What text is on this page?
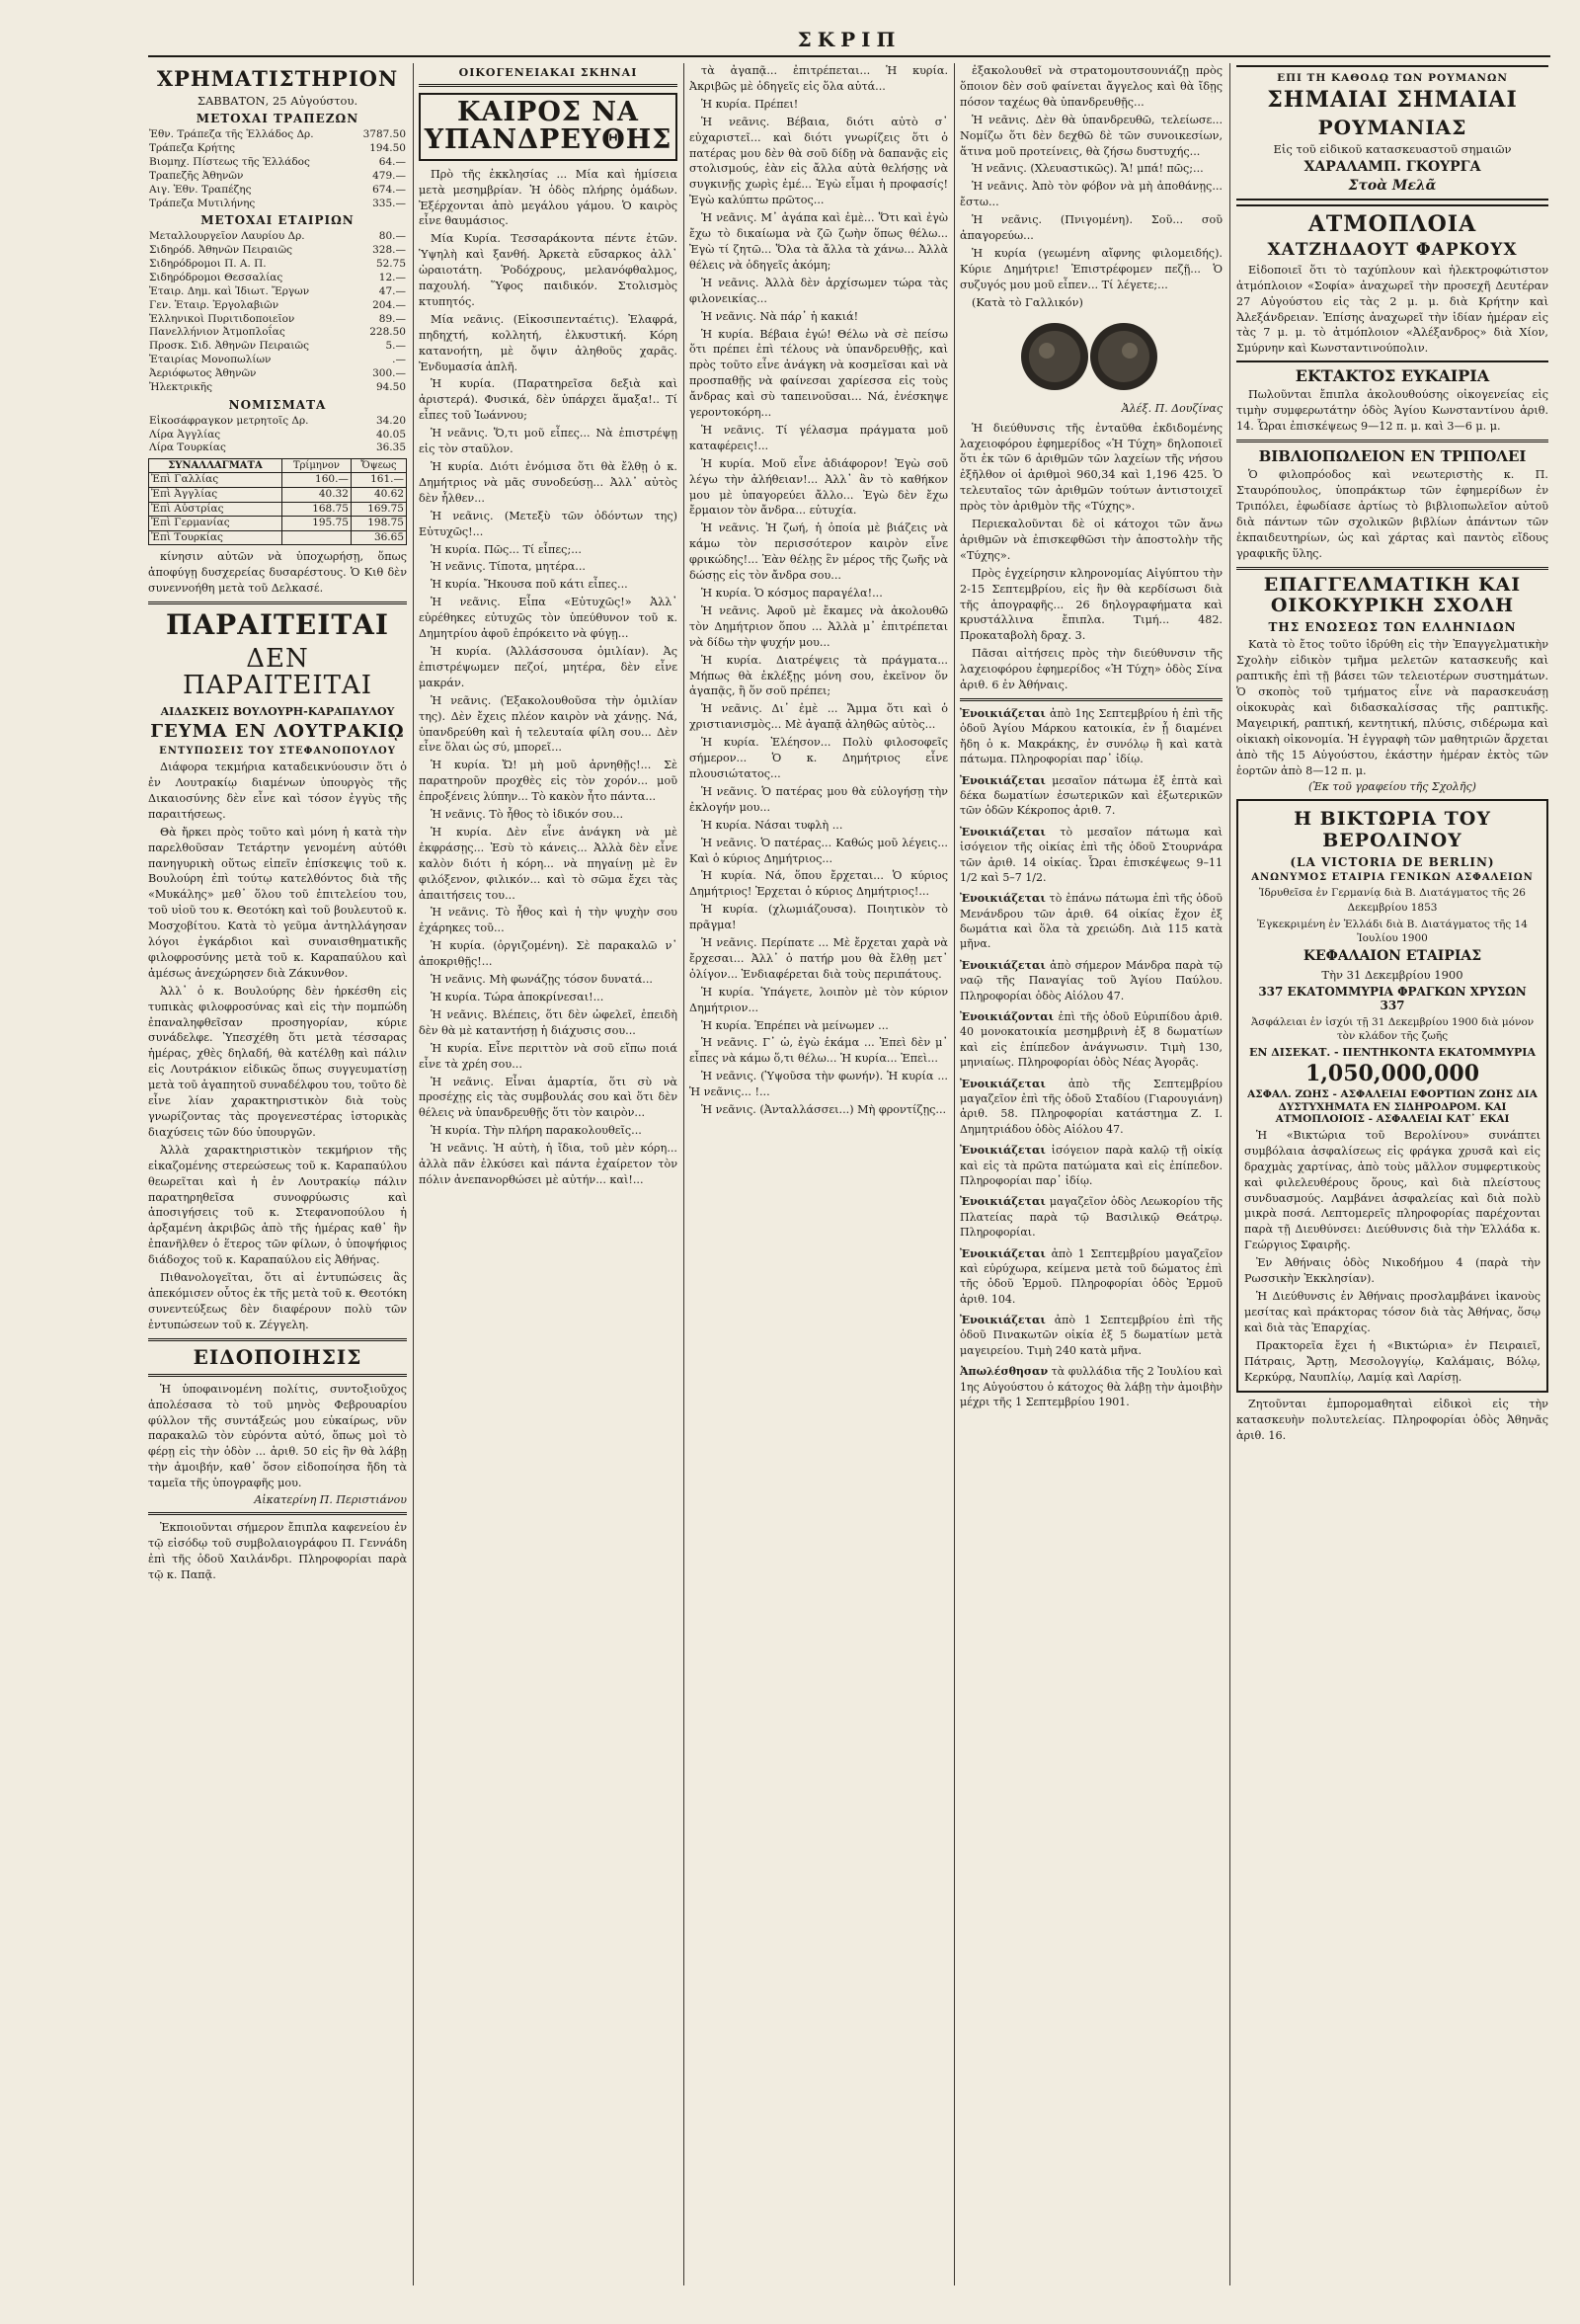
ΣΚΡΙΠ
ΧΡΗΜΑΤΙΣΤΗΡΙΟΝ
ΣΑΒΒΑΤΟΝ, 25 Αὐγούστου.
ΜΕΤΟΧΑΙ ΤΡΑΠΕΖΩΝ
Ἐθν. Τράπεζα τῆς Ἑλλάδος Δρ.	3787.50
Τράπεζα Κρήτης	194.50
Βιομηχ. Πίστεως τῆς Ἑλλάδος	64.—
Τραπεζῆς Ἀθηνῶν	479.—
Αιγ. Ἐθν. Τραπέζης	674.—
Τράπεζα Μυτιλήνης	335.—
ΜΕΤΟΧΑΙ ΕΤΑΙΡΙΩΝ
Μεταλλουργεῖον Λαυρίου Δρ.	80.—
Σιδηρόδ. Ἀθηνῶν Πειραιῶς	328.—
Σιδηρόδρομοι Π. Α. Π.	52.75
Σιδηρόδρομοι Θεσσαλίας	12.—
Ἑταιρ. Δημ. καὶ Ἰδιωτ. Ἔργων	47.—
Γεν. Ἑταιρ. Ἐργολαβιῶν	204.—
Ἑλληνικοὶ Πυριτιδοποιεῖον	89.—
Πανελλήνιον Ἀτμοπλοΐας	228.50
Προσκ. Σιδ. Ἀθηνῶν Πειραιῶς	5.—
Ἑταιρίας Μονοπωλίων	.—
Ἀεριόφωτος Ἀθηνῶν	300.—
Ἠλεκτρικῆς	94.50
ΝΟΜΙΣΜΑΤΑ
Εἰκοσάφραγκον μετρητοῖς Δρ.	34.20
Λίρα Ἀγγλίας	40.05
Λίρα Τουρκίας	36.35
ΣΥΝΑΛΛΑΓΜΑΤΑ	Τρίμηνον	Ὄψεως
Ἐπὶ Γαλλίας	160.—	161.—
Ἐπὶ Ἀγγλίας	40.32	40.62
Ἐπὶ Αὐστρίας	168.75	169.75
Ἐπὶ Γερμανίας	195.75	198.75
Ἐπὶ Τουρκίας		36.65
κίνησιν αὐτῶν νὰ ὑποχωρήσῃ, ὅπως ἀποφύγῃ δυσχερείας δυσαρέστους. Ὁ Κιθ δὲν συνεννοήθη μετὰ τοῦ Δελκασέ.
ΠΑΡΑΙΤΕΙΤΑΙ
ΔΕΝ ΠΑΡΑΙΤΕΙΤΑΙ
ΑΙΔΑΣΚΕΙΣ ΒΟΥΛΟΥΡΗ-ΚΑΡΑΠΑΥΛΟΥ
ΓΕΥΜΑ ΕΝ ΛΟΥΤΡΑΚΙῼ
ΕΝΤΥΠΩΣΕΙΣ ΤΟΥ ΣΤΕΦΑΝΟΠΟΥΛΟΥ
Διάφορα τεκμήρια καταδεικνύουσιν ὅτι ὁ ἐν Λουτρακίῳ διαμένων ὑπουργὸς τῆς Δικαιοσύνης δὲν εἶνε καὶ τόσον ἐγγὺς τῆς παραιτήσεως.
Θὰ ἤρκει πρὸς τοῦτο καὶ μόνη ἡ κατὰ τὴν παρελθοῦσαν Τετάρτην γενομένη αὐτόθι πανηγυρικὴ οὕτως εἰπεῖν ἐπίσκεψις τοῦ κ. Βουλούρη ἐπὶ τούτῳ κατελθόντος διὰ τῆς «Μυκάλης» μεθ᾽ ὅλου τοῦ ἐπιτελείου του, τοῦ υἱοῦ του κ. Θεοτόκη καὶ τοῦ βουλευτοῦ κ. Μοσχοβίτου. Κατὰ τὸ γεῦμα ἀντηλλάγησαν λόγοι ἐγκάρδιοι καὶ συναισθηματικῆς φιλοφροσύνης μετὰ τοῦ κ. Καραπαύλου καὶ ἀμέσως ἀνεχώρησεν διὰ Ζάκυνθον.
Ἀλλ᾽ ὁ κ. Βουλούρης δὲν ἠρκέσθη εἰς τυπικὰς φιλοφροσύνας καὶ εἰς τὴν πομπώδη ἐπαναληφθεῖσαν προσηγορίαν, κύριε συνάδελφε. Ὑπεσχέθη ὅτι μετὰ τέσσαρας ἡμέρας, χθὲς δηλαδή, θὰ κατέλθῃ καὶ πάλιν εἰς Λουτράκιον εἰδικῶς ὅπως συγγευματίσῃ μετὰ τοῦ ἀγαπητοῦ συναδέλφου του, τοῦτο δὲ εἶνε λίαν χαρακτηριστικὸν διὰ τοὺς γνωρίζοντας τὰς προγενεστέρας ἱστορικὰς διαχύσεις τῶν δύο ὑπουργῶν.
Ἀλλὰ χαρακτηριστικὸν τεκμήριον τῆς εἰκαζομένης στερεώσεως τοῦ κ. Καραπαύλου θεωρεῖται καὶ ἡ ἐν Λουτρακίῳ πάλιν παρατηρηθεῖσα συνοφρύωσις καὶ ἀποσιγήσεις τοῦ κ. Στεφανοπούλου ἡ ἀρξαμένη ἀκριβῶς ἀπὸ τῆς ἡμέρας καθ᾽ ἣν ἐπανῆλθεν ὁ ἕτερος τῶν φίλων, ὁ ὑποψήφιος διάδοχος τοῦ κ. Καραπαύλου εἰς Ἀθήνας.
Πιθανολογεῖται, ὅτι αἱ ἐντυπώσεις ἃς ἀπεκόμισεν οὗτος ἐκ τῆς μετὰ τοῦ κ. Θεοτόκη συνεντεύξεως δὲν διαφέρουν πολὺ τῶν ἐντυπώσεων τοῦ κ. Ζέγγελη.
ΕΙΔΟΠΟΙΗΣΙΣ
Ἡ ὑποφαινομένη πολίτις, συντοξιοῦχος ἀπολέσασα τὸ τοῦ μηνὸς Φεβρουαρίου φύλλον τῆς συντάξεώς μου εὐκαίρως, νῦν παρακαλῶ τὸν εὑρόντα αὐτό, ὅπως μοὶ τὸ φέρῃ εἰς τὴν ὁδὸν ... ἀριθ. 50 εἰς ἣν θὰ λάβῃ τὴν ἀμοιβήν, καθ᾽ ὅσον εἰδοποίησα ἤδη τὰ ταμεῖα τῆς ὑπογραφῆς μου.
Αἰκατερίνη Π. Περιστιάνου
Ἐκποιοῦνται σήμερον ἔπιπλα καφενείου ἐν τῷ εἰσόδῳ τοῦ συμβολαιογράφου Π. Γεννάδη ἐπὶ τῆς ὁδοῦ Χαιλάνδρι. Πληροφορίαι παρὰ τῷ κ. Παπᾷ.
ΟΙΚΟΓΕΝΕΙΑΚΑΙ ΣΚΗΝΑΙ
ΚΑΙΡΟΣ ΝΑ ΥΠΑΝΔΡΕΥΘΗΣ
Πρὸ τῆς ἐκκλησίας ... Μία καὶ ἡμίσεια μετὰ μεσημβρίαν. Ἡ ὁδὸς πλήρης ὁμάδων. Ἐξέρχονται ἀπὸ μεγάλου γάμου. Ὁ καιρὸς εἶνε θαυμάσιος.
Μία Κυρία. Τεσσαράκοντα πέντε ἐτῶν. Ὑψηλὴ καὶ ξανθή. Ἀρκετὰ εὔσαρκος ἀλλ᾽ ὡραιοτάτη. Ῥοδόχρους, μελανόφθαλμος, παχουλή. Ὕφος παιδικόν. Στολισμὸς κτυπητός.
Μία νεᾶνις. (Εἰκοσιπενταέτις). Ἐλαφρά, πηδηχτή, κολλητή, ἐλκυστική. Κόρη κατανοήτη, μὲ ὄψιν ἀληθοῦς χαρᾶς. Ἐνδυμασία ἁπλῆ.
Ἡ κυρία. (Παρατηρεῖσα δεξιὰ καὶ ἀριστερά). Φυσικά, δὲν ὑπάρχει ἅμαξα!.. Τί εἶπες τοῦ Ἰωάννου;
Ἡ νεᾶνις. Ὅ,τι μοῦ εἶπες... Νὰ ἐπιστρέψῃ εἰς τὸν σταῦλον.
Ἡ κυρία. Διότι ἐνόμισα ὅτι θὰ ἔλθῃ ὁ κ. Δημήτριος νὰ μᾶς συνοδεύσῃ... Ἀλλ᾽ αὐτὸς δὲν ἦλθεν...
Ἡ νεᾶνις. (Μετεξὺ τῶν ὀδόντων της) Εὐτυχῶς!...
Ἡ κυρία. Πῶς... Τί εἶπες;...
Ἡ νεᾶνις. Τίποτα, μητέρα...
Ἡ κυρία. Ἤκουσα ποῦ κάτι εἶπες...
Ἡ νεᾶνις. Εἶπα «Εὐτυχῶς!» Ἀλλ᾽ εὐρέθηκες εὐτυχῶς τὸν ὑπεύθυνον τοῦ κ. Δημητρίου ἀφοῦ ἐπρόκειτο νὰ φύγῃ...
Ἡ κυρία. (Ἀλλάσσουσα ὁμιλίαν). Ἀς ἐπιστρέψωμεν πεζοί, μητέρα, δὲν εἶνε μακράν.
Ἡ νεᾶνις. (Ἐξακολουθοῦσα τὴν ὁμιλίαν της). Δὲν ἔχεις πλέον καιρὸν νὰ χάνῃς. Νά, ὑπανδρεύθη καὶ ἡ τελευταία φίλη σου... Δὲν εἶνε ὅλαι ὡς σύ, μπορεῖ...
Ἡ κυρία. Ὤ! μὴ μοῦ ἀρνηθῇς!... Σὲ παρατηροῦν προχθὲς εἰς τὸν χορόν... μοῦ ἐπροξένεις λύπην... Τὸ κακὸν ἦτο πάντα...
Ἡ νεᾶνις. Τὸ ἦθος τὸ ἰδικόν σου...
Ἡ κυρία. Δὲν εἶνε ἀνάγκη νὰ μὲ ἐκφράσῃς... Ἐσὺ τὸ κάνεις... Ἀλλὰ δὲν εἶνε καλὸν διότι ἡ κόρη... νὰ πηγαίνῃ μὲ ἓν φιλόξενον, φιλικόν... καὶ τὸ σῶμα ἔχει τὰς ἀπαιτήσεις του...
Ἡ νεᾶνις. Τὸ ἦθος καὶ ἡ τὴν ψυχὴν σου ἐχάρηκες τοῦ...
Ἡ κυρία. (ὀργιζομένη). Σὲ παρακαλῶ ν᾽ ἀποκριθῇς!...
Ἡ νεᾶνις. Μὴ φωνάζῃς τόσον δυνατά...
Ἡ κυρία. Τώρα ἀποκρίνεσαι!...
Ἡ νεᾶνις. Βλέπεις, ὅτι δὲν ὠφελεῖ, ἐπειδὴ δὲν θὰ μὲ καταντήσῃ ἡ διάχυσις σου...
Ἡ κυρία. Εἶνε περιττὸν νὰ σοῦ εἴπω ποιά εἶνε τὰ χρέη σου...
Ἡ νεᾶνις. Εἶναι ἁμαρτία, ὅτι σὺ νὰ προσέχῃς εἰς τὰς συμβουλάς σου καὶ ὅτι δὲν θέλεις νὰ ὑπανδρευθῇς ὅτι τὸν καιρὸν...
Ἡ κυρία. Τὴν πλήρη παρακολουθεῖς...
Ἡ νεᾶνις. Ἡ αὐτὴ, ἡ ἴδια, τοῦ μὲν κόρη... ἀλλὰ πᾶν ἐλκύσει καὶ πάντα ἐχαίρετον τὸν πόλιν ἀνεπανορθώσει μὲ αὐτήν... καὶ!...
τὰ ἀγαπᾷ... ἐπιτρέπεται... Ἡ κυρία. Ἀκριβῶς μὲ ὁδηγεῖς εἰς ὅλα αὐτά...
Ἡ κυρία. Πρέπει!
Ἡ νεᾶνις. Βέβαια, διότι αὐτὸ σ᾽ εὐχαριστεῖ... καὶ διότι γνωρίζεις ὅτι ὁ πατέρας μου δὲν θὰ σοῦ δίδῃ νὰ δαπανᾷς εἰς στολισμούς, ἐὰν εἰς ἄλλα αὐτὰ θελήσῃς νὰ συγκινῇς χωρὶς ἐμέ... Ἐγὼ εἶμαι ἡ προφασίς! Ἐγὼ καλύπτω πρῶτος...
Ἡ νεᾶνις. Μ᾽ ἀγάπα καὶ ἐμὲ... Ὅτι καὶ ἐγὼ ἔχω τὸ δικαίωμα νὰ ζῶ ζωὴν ὅπως θέλω... Ἐγὼ τί ζητῶ... Ὅλα τὰ ἄλλα τὰ χάνω... Ἀλλὰ θέλεις νὰ ὁδηγεῖς ἀκόμη;
Ἡ νεᾶνις. Ἀλλὰ δὲν ἀρχίσωμεν τώρα τὰς φιλονεικίας...
Ἡ νεᾶνις. Νὰ πάρ᾽ ἡ κακιά!
Ἡ κυρία. Βέβαια ἐγώ! Θέλω νὰ σὲ πείσω ὅτι πρέπει ἐπὶ τέλους νὰ ὑπανδρευθῇς, καὶ πρὸς τοῦτο εἶνε ἀνάγκη νὰ κοσμεῖσαι καὶ νὰ προσπαθῇς νὰ φαίνεσαι χαρίεσσα εἰς τοὺς ἄνδρας καὶ σὺ ταπεινοῦσαι... Νά, ἐνέσκηψε γεροντοκόρη...
Ἡ νεᾶνις. Τί γέλασμα πράγματα μοῦ καταφέρεις!...
Ἡ κυρία. Μοῦ εἶνε ἀδιάφορον! Ἐγὼ σοῦ λέγω τὴν ἀλήθειαν!... Ἀλλ᾽ ἂν τὸ καθήκον μου μὲ ὑπαγορεύει ἄλλο... Ἐγὼ δὲν ἔχω ἔρμαιον τὸν ἄνδρα... εὐτυχία.
Ἡ νεᾶνις. Ἡ ζωή, ἡ ὁποία μὲ βιάζεις νὰ κάμω τὸν περισσότερον καιρὸν εἶνε φρικώδης!... Ἐὰν θέλῃς ἓν μέρος τῆς ζωῆς νὰ δώσῃς εἰς τὸν ἄνδρα σου...
Ἡ κυρία. Ὁ κόσμος παραγέλα!...
Ἡ νεᾶνις. Ἀφοῦ μὲ ἔκαμες νὰ ἀκολουθῶ τὸν Δημήτριον ὅπου ... Ἀλλὰ μ᾽ ἐπιτρέπεται νὰ δίδω τὴν ψυχήν μου...
Ἡ κυρία. Διατρέψεις τὰ πράγματα... Μήπως θὰ ἐκλέξῃς μόνη σου, ἐκεῖνον ὅν ἀγαπᾷς, ἢ ὅν σοῦ πρέπει;
Ἡ νεᾶνις. Δι᾽ ἐμὲ ... Ἄμμα ὅτι καὶ ὁ χριστιανισμὸς... Μὲ ἀγαπᾷ ἀληθῶς αὐτὸς...
Ἡ κυρία. Ἐλέησον... Πολὺ φιλοσοφεῖς σήμερον... Ὁ κ. Δημήτριος εἶνε πλουσιώτατος...
Ἡ νεᾶνις. Ὁ πατέρας μου θὰ εὐλογήσῃ τὴν ἐκλογήν μου...
Ἡ κυρία. Νάσαι τυφλὴ ...
Ἡ νεᾶνις. Ὁ πατέρας... Καθώς μοῦ λέγεις... Καὶ ὁ κύριος Δημήτριος...
Ἡ κυρία. Νά, ὅπου ἔρχεται... Ὁ κύριος Δημήτριος! Ἐρχεται ὁ κύριος Δημήτριος!...
Ἡ κυρία. (χλωμιάζουσα). Ποιητικὸν τὸ πρᾶγμα!
Ἡ νεᾶνις. Περίπατε ... Μὲ ἔρχεται χαρὰ νὰ ἔρχεσαι... Ἀλλ᾽ ὁ πατήρ μου θὰ ἔλθῃ μετ᾽ ὀλίγον... Ἐνδιαφέρεται διὰ τοὺς περιπάτους.
Ἡ κυρία. Ὑπάγετε, λοιπὸν μὲ τὸν κύριον Δημήτριον...
Ἡ κυρία. Ἐπρέπει νὰ μείνωμεν ...
Ἡ νεᾶνις. Γ᾽ ὠ, ἐγὼ ἐκάμα ... Ἐπεὶ δὲν μ᾽ εἶπες νὰ κάμω ὅ,τι θέλω... Ἡ κυρία... Ἐπεὶ...
Ἡ νεᾶνις. (Ὑψοῦσα τὴν φωνήν). Ἡ κυρία ... Ἡ νεᾶνις... !...
Ἡ νεᾶνις. (Ἀνταλλάσσει...) Μὴ φροντίζῃς...
ἐξακολουθεῖ νὰ στρατομουτσουνιάζῃ πρὸς ὅποιον δὲν σοῦ φαίνεται ἄγγελος καὶ θὰ ἴδῃς πόσον ταχέως θὰ ὑπανδρευθῇς...
Ἡ νεᾶνις. Δὲν θὰ ὑπανδρευθῶ, τελείωσε... Νομίζω ὅτι δὲν δεχθῶ δὲ τῶν συνοικεσίων, ἅτινα μοῦ προτείνεις, θὰ ζήσω δυστυχής...
Ἡ νεᾶνις. (Χλευαστικῶς). Ἄ! μπά! πῶς;...
Ἡ νεᾶνις. Ἀπὸ τὸν φόβον νὰ μὴ ἀποθάνῃς... ἔστω...
Ἡ νεᾶνις. (Πνιγομένη). Σοῦ... σοῦ ἀπαγορεύω...
Ἡ κυρία (γεωμένη αἴφνης φιλομειδής). Κύριε Δημήτριε! Ἐπιστρέφομεν πεζῇ... Ὁ συζυγός μου μοῦ εἶπεν... Τί λέγετε;...
(Κατὰ τὸ Γαλλικόν)
Ἀλέξ. Π. Δουζίνας
Ἡ διεύθυνσις τῆς ἐνταῦθα ἐκδιδομένης λαχειοφόρου ἐφημερίδος «Ἡ Τύχη» δηλοποιεῖ ὅτι ἐκ τῶν 6 ἀριθμῶν τῶν λαχείων τῆς νήσου ἐξῆλθον οἱ ἀριθμοὶ 960,34 καὶ 1,196 425. Ὁ τελευταῖος τῶν ἀριθμῶν τούτων ἀντιστοιχεῖ πρὸς τὸν ἀριθμὸν τῆς «Τύχης».
Περιεκαλοῦνται δὲ οἱ κάτοχοι τῶν ἄνω ἀριθμῶν νὰ ἐπισκεφθῶσι τὴν ἀποστολὴν τῆς «Τύχης».
Πρὸς ἐγχείρησιν κληρονομίας Αἰγύπτου τὴν 2-15 Σεπτεμβρίου, εἰς ἣν θὰ κερδίσωσι διὰ τῆς ἀπογραφῆς... 26 δηλογραφήματα καὶ κρυστάλλινα ἔπιπλα. Τιμή... 482. Προκαταβολὴ δραχ. 3.
Πᾶσαι αἰτήσεις πρὸς τὴν διεύθυνσιν τῆς λαχειοφόρου ἐφημερίδος «Ἡ Τύχη» ὁδὸς Σίνα ἀριθ. 6 ἐν Ἀθήναις.
Ἐνοικιάζεται ἀπὸ 1ης Σεπτεμβρίου ἡ ἐπὶ τῆς ὁδοῦ Ἀγίου Μάρκου κατοικία, ἐν ᾗ διαμένει ἤδη ὁ κ. Μακράκης, ἐν συνόλῳ ἢ καὶ κατὰ πάτωμα. Πληροφορίαι παρ᾽ ἰδίῳ.
Ἐνοικιάζεται μεσαῖον πάτωμα ἐξ ἑπτὰ καὶ δέκα δωματίων ἐσωτερικῶν καὶ ἐξωτερικῶν τῶν ὁδῶν Κέκροπος ἀριθ. 7.
Ἐνοικιάζεται τὸ μεσαῖον πάτωμα καὶ ἰσόγειον τῆς οἰκίας ἐπὶ τῆς ὁδοῦ Στουρνάρα τῶν ἀριθ. 14 οἰκίας. Ὧραι ἐπισκέψεως 9–11 1/2 καὶ 5–7 1/2.
Ἐνοικιάζεται τὸ ἐπάνω πάτωμα ἐπὶ τῆς ὁδοῦ Μενάνδρου τῶν ἀριθ. 64 οἰκίας ἔχον ἐξ δωμάτια καὶ ὅλα τὰ χρειώδη. Διὰ 115 κατὰ μῆνα.
Ἐνοικιάζεται ἀπὸ σήμερον Μάνδρα παρὰ τῷ ναῷ τῆς Παναγίας τοῦ Ἁγίου Παύλου. Πληροφορίαι ὁδὸς Αἰόλου 47.
Ἐνοικιάζονται ἐπὶ τῆς ὁδοῦ Εὐριπίδου ἀριθ. 40 μονοκατοικία μεσημβρινὴ ἐξ 8 δωματίων καὶ εἰς ἐπίπεδον ἀνάγνωσιν. Τιμὴ 130, μηνιαίως. Πληροφορίαι ὁδὸς Νέας Ἀγορᾶς.
Ἐνοικιάζεται ἀπὸ τῆς Σεπτεμβρίου μαγαζεῖον ἐπὶ τῆς ὁδοῦ Σταδίου (Γιαρουγιάνη) ἀριθ. 58. Πληροφορίαι κατάστημα Ζ. Ι. Δημητριάδου ὁδὸς Αἰόλου 47.
Ἐνοικιάζεται ἰσόγειον παρὰ καλῷ τῇ οἰκίᾳ καὶ εἰς τὰ πρῶτα πατώματα καὶ εἰς ἐπίπεδον. Πληροφορίαι παρ᾽ ἰδίῳ.
Ἐνοικιάζεται μαγαζεῖον ὁδὸς Λεωκορίου τῆς Πλατείας παρὰ τῷ Βασιλικῷ Θεάτρῳ. Πληροφορίαι.
Ἐνοικιάζεται ἀπὸ 1 Σεπτεμβρίου μαγαζεῖον καὶ εὐρύχωρα, κείμενα μετὰ τοῦ δώματος ἐπὶ τῆς ὁδοῦ Ἑρμοῦ. Πληροφορίαι ὁδὸς Ἑρμοῦ ἀριθ. 104.
Ἐνοικιάζεται ἀπὸ 1 Σεπτεμβρίου ἐπὶ τῆς ὁδοῦ Πινακωτῶν οἰκία ἐξ 5 δωματίων μετὰ μαγειρείου. Τιμὴ 240 κατὰ μῆνα.
Ἀπωλέσθησαν τὰ φυλλάδια τῆς 2 Ἰουλίου καὶ 1ης Αὐγούστου ὁ κάτοχος θὰ λάβῃ τὴν ἀμοιβὴν μέχρι τῆς 1 Σεπτεμβρίου 1901.
ΕΠΙ ΤΗ ΚΑΘΟΔῼ ΤΩΝ ΡΟΥΜΑΝΩΝ
ΣΗΜΑΙΑΙ ΣΗΜΑΙΑΙ
ΡΟΥΜΑΝΙΑΣ
Εἰς τοῦ εἰδικοῦ κατασκευαστοῦ σημαιῶν
ΧΑΡΑΛΑΜΠ. ΓΚΟΥΡΓΑ
Στοὰ Μελᾶ
ΑΤΜΟΠΛΟΙΑ
ΧΑΤΖΗΔΑΟΥΤ ΦΑΡΚΟΥΧ
Εἰδοποιεῖ ὅτι τὸ ταχύπλουν καὶ ἠλεκτροφώτιστον ἀτμόπλοιον «Σοφία» ἀναχωρεῖ τὴν προσεχῆ Δευτέραν 27 Αὐγούστου εἰς τὰς 2 μ. μ. διὰ Κρήτην καὶ Ἀλεξάνδρειαν. Ἐπίσης ἀναχωρεῖ τὴν ἰδίαν ἡμέραν εἰς τὰς 7 μ. μ. τὸ ἀτμόπλοιον «Ἀλέξανδρος» διὰ Χίον, Σμύρνην καὶ Κωνσταντινούπολιν.
ΕΚΤΑΚΤΟΣ ΕΥΚΑΙΡΙΑ
Πωλοῦνται ἔπιπλα ἀκολουθούσης οἰκογενείας εἰς τιμὴν συμφερωτάτην ὁδὸς Ἁγίου Κωνσταντίνου ἀριθ. 14. Ὧραι ἐπισκέψεως 9—12 π. μ. καὶ 3—6 μ. μ.
ΒΙΒΛΙΟΠΩΛΕΙΟΝ ΕΝ ΤΡΙΠΟΛΕΙ
Ὁ φιλοπρόοδος καὶ νεωτεριστὴς κ. Π. Σταυρόπουλος, ὑποπράκτωρ τῶν ἐφημερίδων ἐν Τριπόλει, ἐφωδίασε ἀρτίως τὸ βιβλιοπωλεῖον αὐτοῦ διὰ πάντων τῶν σχολικῶν βιβλίων ἁπάντων τῶν ἐκπαιδευτηρίων, ὡς καὶ χάρτας καὶ παντὸς εἴδους γραφικῆς ὕλης.
ΕΠΑΓΓΕΛΜΑΤΙΚΗ ΚΑΙ ΟΙΚΟΚΥΡΙΚΗ ΣΧΟΛΗ
ΤΗΣ ΕΝΩΣΕΩΣ ΤΩΝ ΕΛΛΗΝΙΔΩΝ
Κατὰ τὸ ἔτος τοῦτο ἱδρύθη εἰς τὴν Ἐπαγγελματικὴν Σχολὴν εἰδικὸν τμῆμα μελετῶν κατασκευῆς καὶ ραπτικῆς ἐπὶ τῇ βάσει τῶν τελειοτέρων συστημάτων. Ὁ σκοπὸς τοῦ τμήματος εἶνε νὰ παρασκευάσῃ οἰκοκυρὰς καὶ διδασκαλίσσας τῆς ραπτικῆς. Μαγειρική, ραπτική, κεντητική, πλύσις, σιδέρωμα καὶ οἰκιακὴ οἰκονομία. Ἡ ἐγγραφὴ τῶν μαθητριῶν ἄρχεται ἀπὸ τῆς 15 Αὐγούστου, ἑκάστην ἡμέραν ἐκτὸς τῶν ἑορτῶν ἀπὸ 8—12 π. μ.
(Ἐκ τοῦ γραφείου τῆς Σχολῆς)
Η ΒΙΚΤΩΡΙΑ ΤΟΥ ΒΕΡΟΛΙΝΟΥ
(LA VICTORIA DE BERLIN)
ΑΝΩΝΥΜΟΣ ΕΤΑΙΡΙΑ ΓΕΝΙΚΩΝ ΑΣΦΑΛΕΙΩΝ
Ἱδρυθεῖσα ἐν Γερμανίᾳ διὰ Β. Διατάγματος τῆς 26 Δεκεμβρίου 1853
Ἐγκεκριμένη ἐν Ἑλλάδι διὰ Β. Διατάγματος τῆς 14 Ἰουλίου 1900
ΚΕΦΑΛΑΙΟΝ ΕΤΑΙΡΙΑΣ
Τὴν 31 Δεκεμβρίου 1900
337 ΕΚΑΤΟΜΜΥΡΙΑ ΦΡΑΓΚΩΝ ΧΡΥΣΩΝ 337
Ἀσφάλειαι ἐν ἰσχύι τῇ 31 Δεκεμβρίου 1900 διὰ μόνον τὸν κλάδον τῆς ζωῆς
ΕΝ ΔΙΣΕΚΑΤ. - ΠΕΝΤΗΚΟΝΤΑ ΕΚΑΤΟΜΜΥΡΙΑ
1,050,000,000
ΑΣΦΑΛ. ΖΩΗΣ - ΑΣΦΑΛΕΙΑΙ ΕΦΟΡΤΙΩΝ ΖΩΗΣ ΔΙΑ ΔΥΣΤΥΧΗΜΑΤΑ ΕΝ ΣΙΔΗΡΟΔΡΟΜ. ΚΑΙ ΑΤΜΟΠΛΟΙΟΙΣ - ΑΣΦΑΛΕΙΑΙ ΚΑΤ᾽ ΕΚΑΙ
Ἡ «Βικτώρια τοῦ Βερολίνου» συνάπτει συμβόλαια ἀσφαλίσεως εἰς φράγκα χρυσᾶ καὶ εἰς δραχμὰς χαρτίνας, ἀπὸ τοὺς μᾶλλον συμφερτικοὺς καὶ φιλελευθέρους ὅρους, καὶ διὰ πλείστους συνδυασμούς. Λαμβάνει ἀσφαλείας καὶ διὰ πολὺ μικρὰ ποσά. Λεπτομερεῖς πληροφορίας παρέχονται παρὰ τῇ Διευθύνσει: Διεύθυνσις διὰ τὴν Ἑλλάδα κ. Γεώργιος Σφαιρῆς.
Ἐν Ἀθήναις ὁδὸς Νικοδήμου 4 (παρὰ τὴν Ρωσσικὴν Ἐκκλησίαν).
Ἡ Διεύθυνσις ἐν Ἀθήναις προσλαμβάνει ἱκανοὺς μεσίτας καὶ πράκτορας τόσον διὰ τὰς Ἀθήνας, ὅσῳ καὶ διὰ τὰς Ἐπαρχίας.
Πρακτορεῖα ἔχει ἡ «Βικτώρια» ἐν Πειραιεῖ, Πάτραις, Ἄρτῃ, Μεσολογγίῳ, Καλάμαις, Βόλῳ, Κερκύρᾳ, Ναυπλίῳ, Λαμίᾳ καὶ Λαρίσῃ.
Ζητοῦνται ἐμπορομαθηταὶ εἰδικοὶ εἰς τὴν κατασκευὴν πολυτελείας. Πληροφορίαι ὁδὸς Ἀθηνᾶς ἀριθ. 16.
